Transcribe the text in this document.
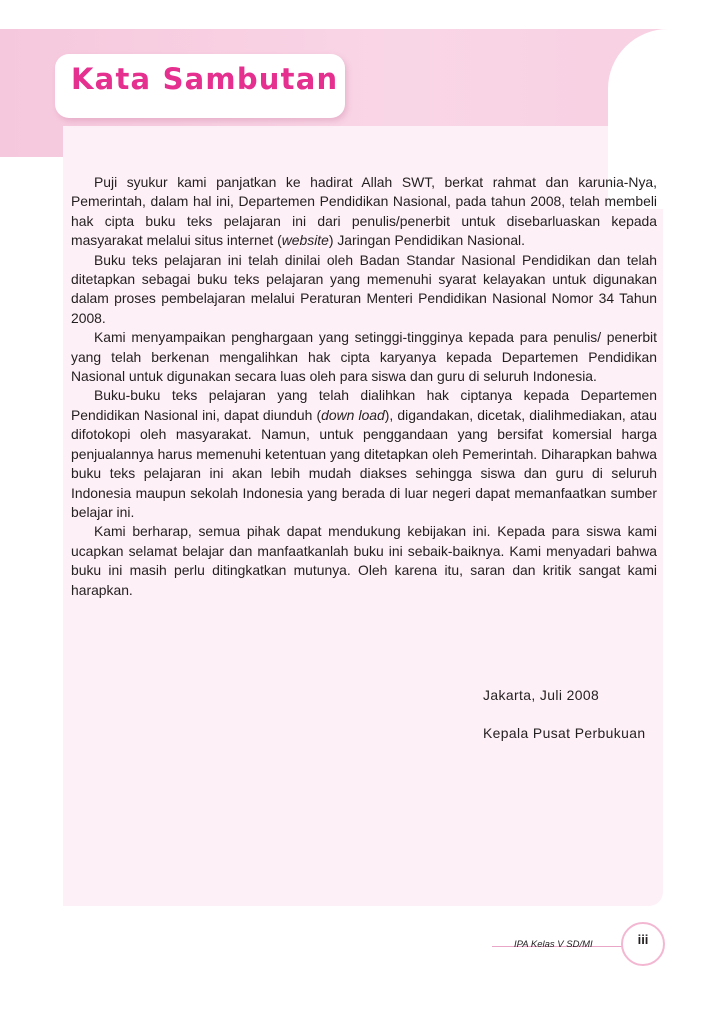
Kata Sambutan

Puji syukur kami panjatkan ke hadirat Allah SWT, berkat rahmat dan karunia-Nya, Pemerintah, dalam hal ini, Departemen Pendidikan Nasional, pada tahun 2008, telah membeli hak cipta buku teks pelajaran ini dari penulis/penerbit untuk disebarluaskan kepada masyarakat melalui situs internet (website) Jaringan Pendidikan Nasional.

Buku teks pelajaran ini telah dinilai oleh Badan Standar Nasional Pendidikan dan telah ditetapkan sebagai buku teks pelajaran yang memenuhi syarat kelayakan untuk digunakan dalam proses pembelajaran melalui Peraturan Menteri Pendidikan Nasional Nomor 34 Tahun 2008.

Kami menyampaikan penghargaan yang setinggi-tingginya kepada para penulis/ penerbit yang telah berkenan mengalihkan hak cipta karyanya kepada Departemen Pendidikan Nasional untuk digunakan secara luas oleh para siswa dan guru di seluruh Indonesia.

Buku-buku teks pelajaran yang telah dialihkan hak ciptanya kepada Departemen Pendidikan Nasional ini, dapat diunduh (down load), digandakan, dicetak, dialihmediakan, atau difotokopi oleh masyarakat. Namun, untuk penggandaan yang bersifat komersial harga penjualannya harus memenuhi ketentuan yang ditetapkan oleh Pemerintah. Diharapkan bahwa buku teks pelajaran ini akan lebih mudah diakses sehingga siswa dan guru di seluruh Indonesia maupun sekolah Indonesia yang berada di luar negeri dapat memanfaatkan sumber belajar ini.

Kami berharap, semua pihak dapat mendukung kebijakan ini. Kepada para siswa kami ucapkan selamat belajar dan manfaatkanlah buku ini sebaik-baiknya. Kami menyadari bahwa buku ini masih perlu ditingkatkan mutunya. Oleh karena itu, saran dan kritik sangat kami harapkan.

Jakarta, Juli 2008
Kepala Pusat Perbukuan
IPA Kelas V SD/MI	iii
